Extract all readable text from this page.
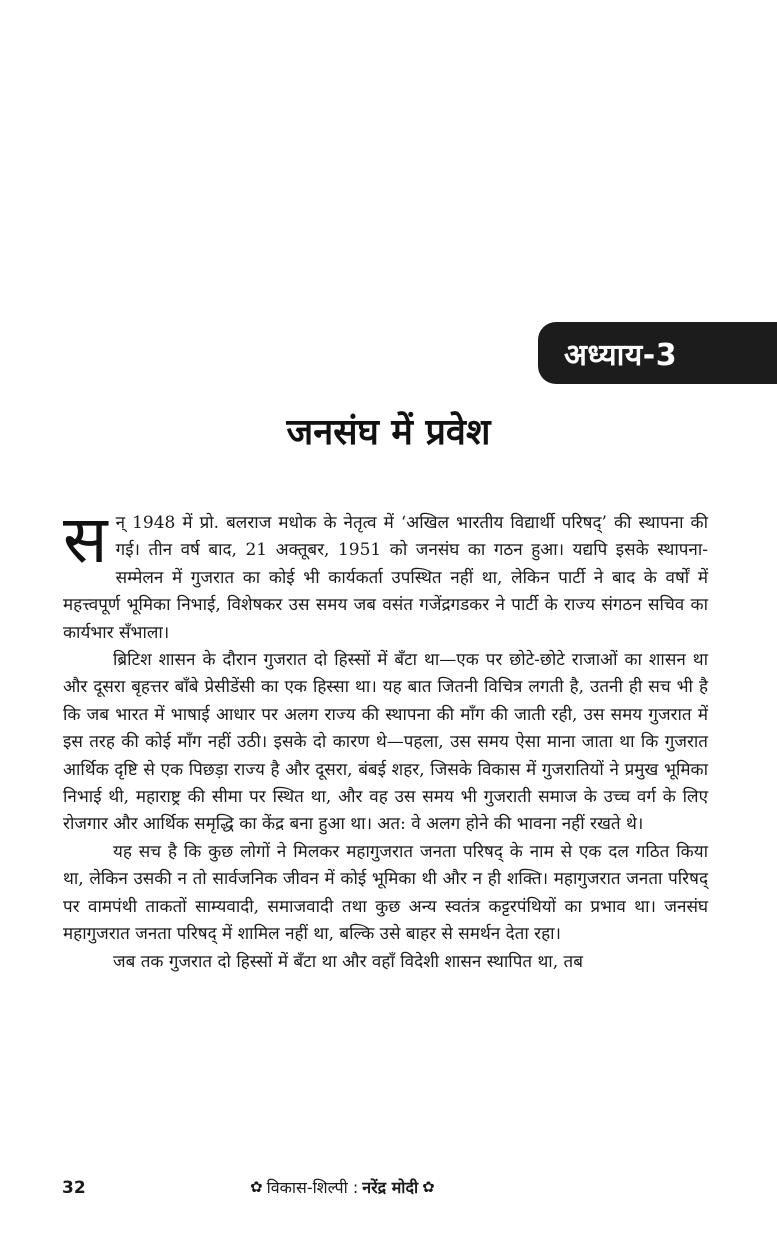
अध्याय-3
जनसंघ में प्रवेश

सन् 1948 में प्रो. बलराज मधोक के नेतृत्व में ‘अखिल भारतीय विद्यार्थी परिषद्’ की स्थापना की गई। तीन वर्ष बाद, 21 अक्तूबर, 1951 को जनसंघ का गठन हुआ। यद्यपि इसके स्थापना-सम्मेलन में गुजरात का कोई भी कार्यकर्ता उपस्थित नहीं था, लेकिन पार्टी ने बाद के वर्षों में महत्त्वपूर्ण भूमिका निभाई, विशेषकर उस समय जब वसंत गजेंद्रगडकर ने पार्टी के राज्य संगठन सचिव का कार्यभार सँभाला।

ब्रिटिश शासन के दौरान गुजरात दो हिस्सों में बँटा था—एक पर छोटे-छोटे राजाओं का शासन था और दूसरा बृहत्तर बॉंबे प्रेसीडेंसी का एक हिस्सा था। यह बात जितनी विचित्र लगती है, उतनी ही सच भी है कि जब भारत में भाषाई आधार पर अलग राज्य की स्थापना की माँग की जाती रही, उस समय गुजरात में इस तरह की कोई माँग नहीं उठी। इसके दो कारण थे—पहला, उस समय ऐसा माना जाता था कि गुजरात आर्थिक दृष्टि से एक पिछड़ा राज्य है और दूसरा, बंबई शहर, जिसके विकास में गुजरातियों ने प्रमुख भूमिका निभाई थी, महाराष्ट्र की सीमा पर स्थित था, और वह उस समय भी गुजराती समाज के उच्च वर्ग के लिए रोजगार और आर्थिक समृद्धि का केंद्र बना हुआ था। अत: वे अलग होने की भावना नहीं रखते थे।

यह सच है कि कुछ लोगों ने मिलकर महागुजरात जनता परिषद् के नाम से एक दल गठित किया था, लेकिन उसकी न तो सार्वजनिक जीवन में कोई भूमिका थी और न ही शक्ति। महागुजरात जनता परिषद् पर वामपंथी ताकतों साम्यवादी, समाजवादी तथा कुछ अन्य स्वतंत्र कट्टरपंथियों का प्रभाव था। जनसंघ महागुजरात जनता परिषद् में शामिल नहीं था, बल्कि उसे बाहर से समर्थन देता रहा।

जब तक गुजरात दो हिस्सों में बँटा था और वहाँ विदेशी शासन स्थापित था, तब

32	✿ विकास-शिल्पी : नरेंद्र मोदी ✿
